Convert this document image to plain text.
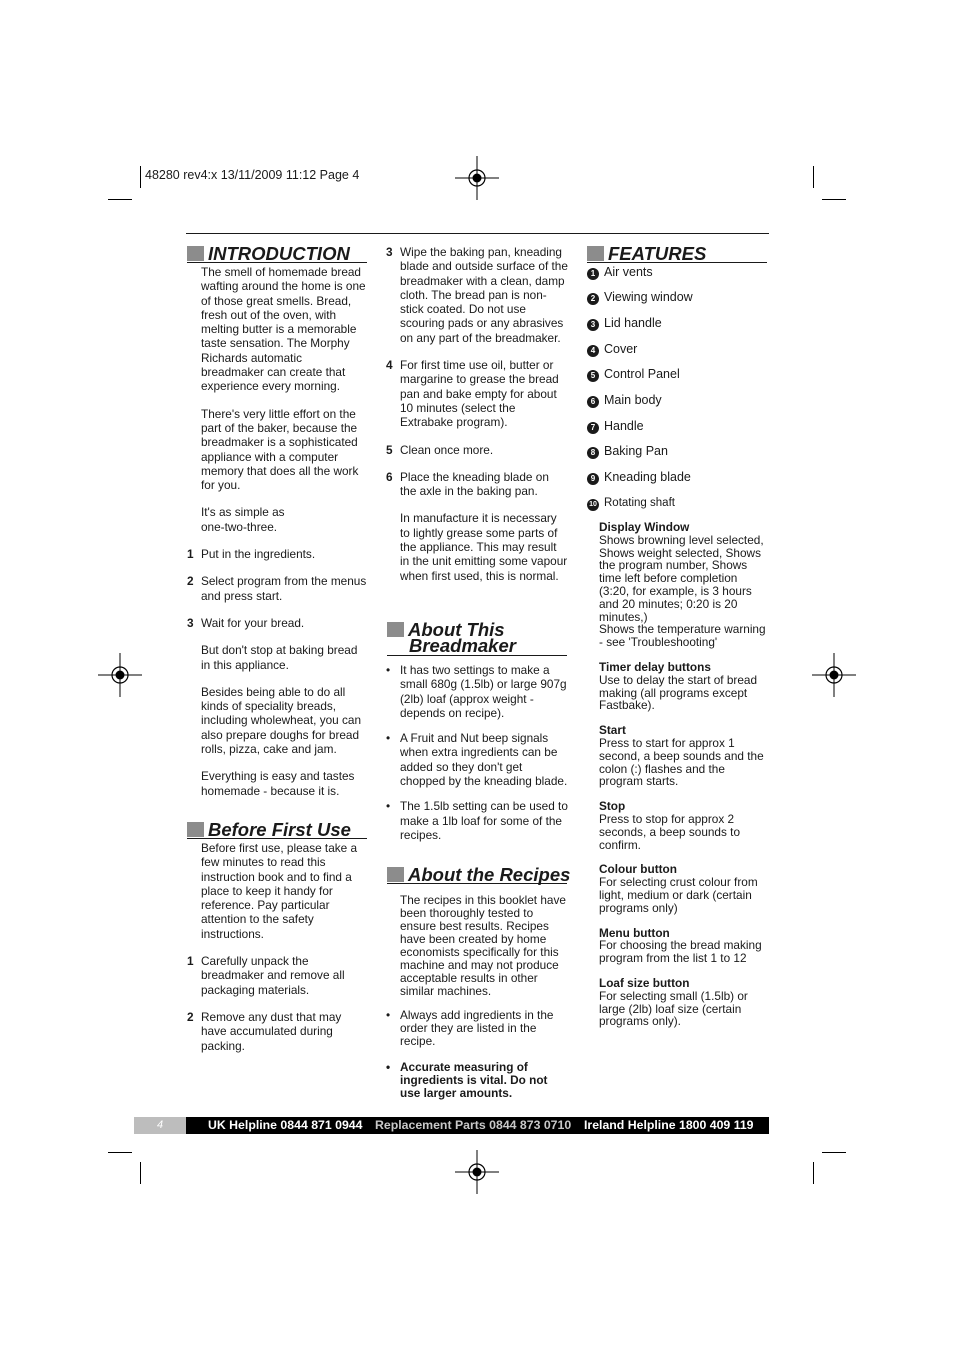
48280 rev4:x 13/11/2009 11:12 Page 4
INTRODUCTION

The smell of homemade bread wafting around the home is one of those great smells. Bread, fresh out of the oven, with melting butter is a memorable taste sensation. The Morphy Richards automatic breadmaker can create that experience every morning.

There's very little effort on the part of the baker, because the breadmaker is a sophisticated appliance with a computer memory that does all the work for you.

It's as simple as one-two-three.

1 Put in the ingredients.
2 Select program from the menus and press start.
3 Wait for your bread.

But don't stop at baking bread in this appliance.

Besides being able to do all kinds of speciality breads, including wholewheat, you can also prepare doughs for bread rolls, pizza, cake and jam.

Everything is easy and tastes homemade - because it is.

Before First Use

Before first use, please take a few minutes to read this instruction book and to find a place to keep it handy for reference. Pay particular attention to the safety instructions.

1 Carefully unpack the breadmaker and remove all packaging materials.
2 Remove any dust that may have accumulated during packing.
3 Wipe the baking pan, kneading blade and outside surface of the breadmaker with a clean, damp cloth. The bread pan is non-stick coated. Do not use scouring pads or any abrasives on any part of the breadmaker.
4 For first time use oil, butter or margarine to grease the bread pan and bake empty for about 10 minutes (select the Extrabake program).
5 Clean once more.
6 Place the kneading blade on the axle in the baking pan.

In manufacture it is necessary to lightly grease some parts of the appliance. This may result in the unit emitting some vapour when first used, this is normal.

About This
Breadmaker
• It has two settings to make a small 680g (1.5lb) or large 907g (2lb) loaf (approx weight - depends on recipe).
• A Fruit and Nut beep signals when extra ingredients can be added so they don't get chopped by the kneading blade.
• The 1.5lb setting can be used to make a 1lb loaf for some of the recipes.
About the Recipes

The recipes in this booklet have been thoroughly tested to ensure best results. Recipes have been created by home economists specifically for this machine and may not produce acceptable results in other similar machines.

• Always add ingredients in the order they are listed in the recipe.
• Accurate measuring of ingredients is vital. Do not use larger amounts.
FEATURES
1 Air vents
2 Viewing window
3 Lid handle
4 Cover
5 Control Panel
6 Main body
7 Handle
8 Baking Pan
9 Kneading blade
10 Rotating shaft
Display Window
Shows browning level selected, Shows weight selected, Shows the program number, Shows time left before completion (3:20, for example, is 3 hours and 20 minutes; 0:20 is 20 minutes,)
Shows the temperature warning - see 'Troubleshooting'
Timer delay buttons
Use to delay the start of bread making (all programs except Fastbake).
Start
Press to start for approx 1 second, a beep sounds and the colon (:) flashes and the program starts.
Stop
Press to stop for approx 2 seconds, a beep sounds to confirm.
Colour button
For selecting crust colour from light, medium or dark (certain programs only)
Menu button
For choosing the bread making program from the list 1 to 12
Loaf size button
For selecting small (1.5lb) or large (2lb) loaf size (certain programs only).
4	UK Helpline 0844 871 0944 Replacement Parts 0844 873 0710 Ireland Helpline 1800 409 119
